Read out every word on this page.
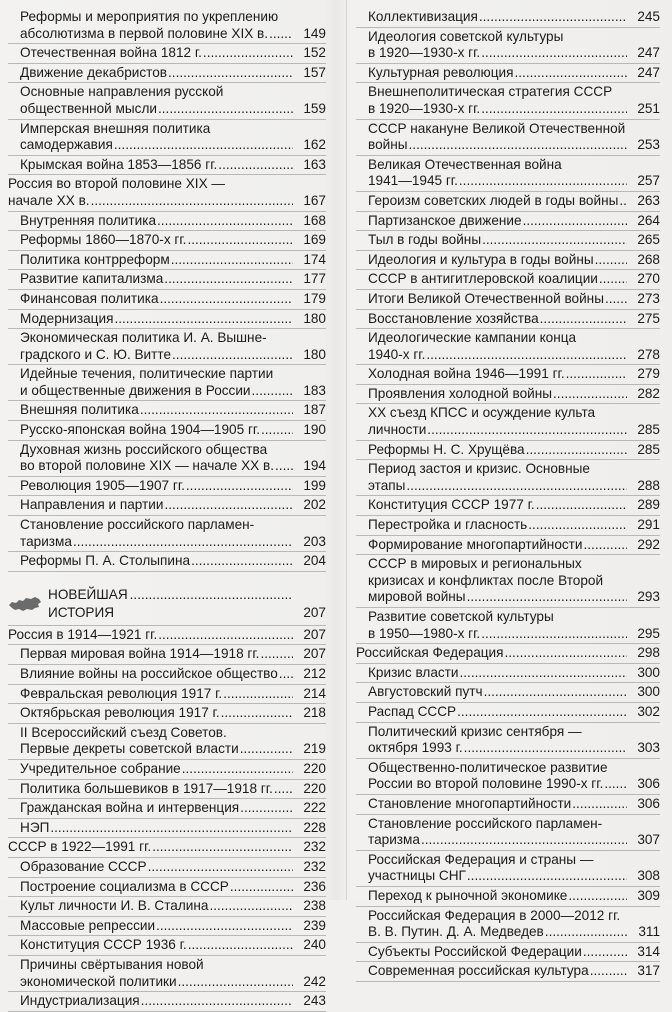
Реформы и мероприятия по укреплению
абсолютизма в первой половине XIX в. .....	149
Отечественная война 1812 г. .....	152
Движение декабристов .....	157
Основные направления русской
общественной мысли .....	159
Имперская внешняя политика
самодержавия .....	162
Крымская война 1853—1856 гг. .....	163
Россия во второй половине XIX —
начале XX в. .....	167
Внутренняя политика .....	168
Реформы 1860—1870-х гг. .....	169
Политика контрреформ .....	174
Развитие капитализма .....	177
Финансовая политика .....	179
Модернизация .....	180
Экономическая политика И. А. Вышне-
градского и С. Ю. Витте .....	180
Идейные течения, политические партии
и общественные движения в России .....	183
Внешняя политика .....	187
Русско-японская война 1904—1905 гг. .....	190
Духовная жизнь российского общества
во второй половине XIX — начале XX в. .....	194
Революция 1905—1907 гг. .....	199
Направления и партии .....	202
Становление российского парламен-
таризма .....	203
Реформы П. А. Столыпина .....	204
НОВЕЙШАЯ ИСТОРИЯ
.....	207
Россия в 1914—1921 гг. .....	207
Первая мировая война 1914—1918 гг. .....	207
Влияние войны на российское общество .....	212
Февральская революция 1917 г. .....	214
Октябрьская революция 1917 г. .....	218
II Всероссийский съезд Советов.
Первые декреты советской власти .....	219
Учредительное собрание .....	220
Политика большевиков в 1917—1918 гг. .....	220
Гражданская война и интервенция .....	222
НЭП .....	228
СССР в 1922—1991 гг. .....	232
Образование СССР .....	232
Построение социализма в СССР .....	236
Культ личности И. В. Сталина .....	238
Массовые репрессии .....	239
Конституция СССР 1936 г. .....	240
Причины свёртывания новой
экономической политики .....	242
Индустриализация .....	243
Коллективизация .....	245
Идеология советской культуры
в 1920—1930-х гг. .....	247
Культурная революция .....	247
Внешнеполитическая стратегия СССР
в 1920—1930-х гг. .....	251
СССР накануне Великой Отечественной
войны .....	253
Великая Отечественная война
1941—1945 гг. .....	257
Героизм советских людей в годы войны .....	263
Партизанское движение .....	264
Тыл в годы войны .....	265
Идеология и культура в годы войны .....	268
СССР в антигитлеровской коалиции .....	270
Итоги Великой Отечественной войны .....	273
Восстановление хозяйства .....	275
Идеологические кампании конца
1940-х гг. .....	278
Холодная война 1946—1991 гг. .....	279
Проявления холодной войны .....	282
XX съезд КПСС и осуждение культа
личности .....	285
Реформы Н. С. Хрущёва .....	285
Период застоя и кризис. Основные
этапы .....	288
Конституция СССР 1977 г. .....	289
Перестройка и гласность .....	291
Формирование многопартийности .....	292
СССР в мировых и региональных
кризисах и конфликтах после Второй
мировой войны .....	293
Развитие советской культуры
в 1950—1980-х гг. .....	295
Российская Федерация .....	298
Кризис власти .....	300
Августовский путч .....	300
Распад СССР .....	302
Политический кризис сентября —
октября 1993 г. .....	303
Общественно-политическое развитие
России во второй половине 1990-х гг. .....	306
Становление многопартийности .....	306
Становление российского парламен-
таризма .....	307
Российская Федерация и страны —
участницы СНГ .....	308
Переход к рыночной экономике .....	309
Российская Федерация в 2000—2012 гг.
В. В. Путин. Д. А. Медведев .....	311
Субъекты Российской Федерации .....	314
Современная российская культура .....	317
